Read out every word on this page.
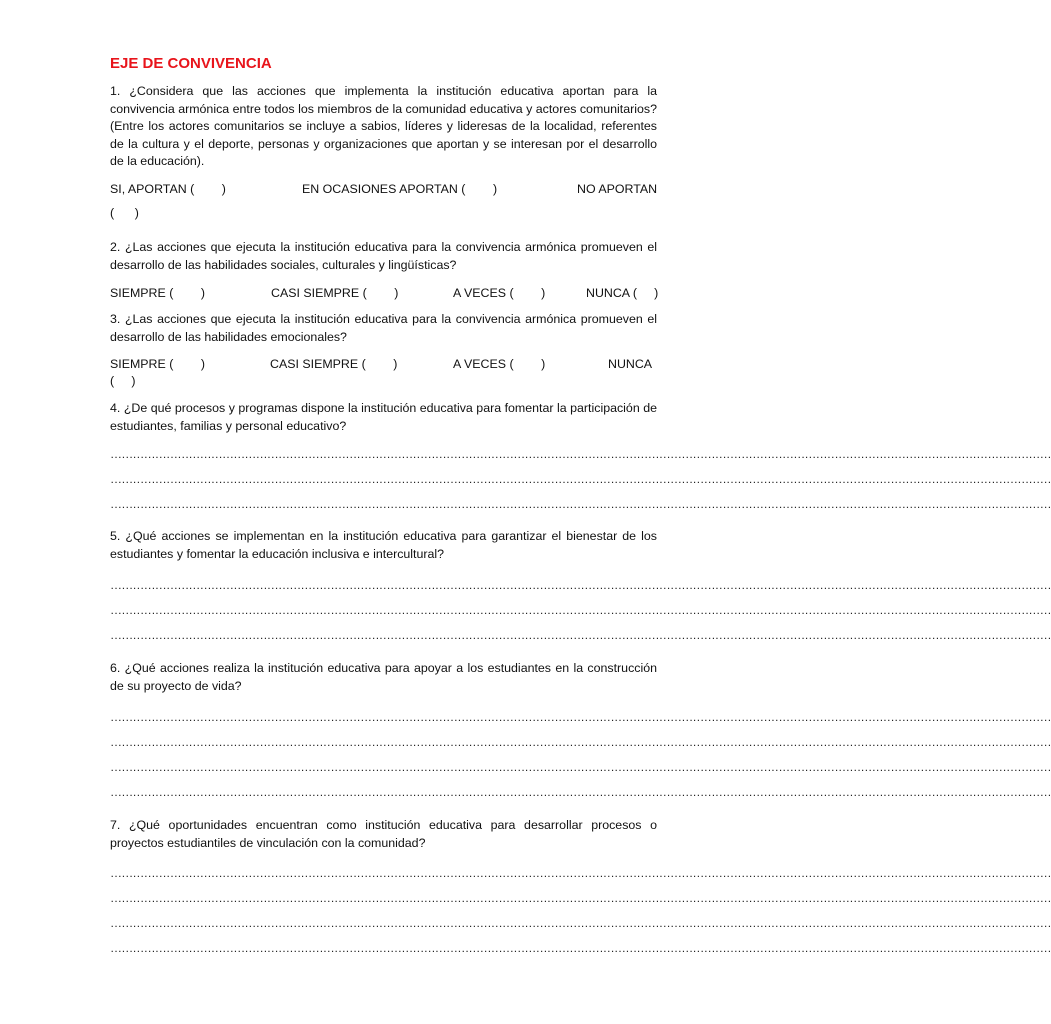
EJE DE CONVIVENCIA
1. ¿Considera que las acciones que implementa la institución educativa aportan para la convivencia armónica entre todos los miembros de la comunidad educativa y actores comunitarios? (Entre los actores comunitarios se incluye a sabios, líderes y lideresas de la localidad, referentes de la cultura y el deporte, personas y organizaciones que aportan y se interesan por el desarrollo de la educación).
SI, APORTAN (        )	EN OCASIONES APORTAN (        )	NO APORTAN
(      )
2. ¿Las acciones que ejecuta la institución educativa para la convivencia armónica promueven el desarrollo de las habilidades sociales, culturales y lingüísticas?
SIEMPRE (        )	CASI SIEMPRE (        )	A VECES (        )	NUNCA (     )
3. ¿Las acciones que ejecuta la institución educativa para la convivencia armónica promueven el desarrollo de las habilidades emocionales?
SIEMPRE (        )	CASI SIEMPRE (        )	A VECES (        )	NUNCA
(     )
4. ¿De qué procesos y programas dispone la institución educativa para fomentar la participación de estudiantes, familias y personal educativo?
………………………………………………………………………………………………………………………………………………………………………………………………………………………………
………………………………………………………………………………………………………………………………………………………………………………………………………………………………
………………………………………………………………………………………………………………………………………………………………………………………………………………………………
5. ¿Qué acciones se implementan en la institución educativa para garantizar el bienestar de los estudiantes y fomentar la educación inclusiva e intercultural?
………………………………………………………………………………………………………………………………………………………………………………………………………………………………
………………………………………………………………………………………………………………………………………………………………………………………………………………………………
………………………………………………………………………………………………………………………………………………………………………………………………………………………………
6. ¿Qué acciones realiza la institución educativa para apoyar a los estudiantes en la construcción de su proyecto de vida?
………………………………………………………………………………………………………………………………………………………………………………………………………………………………
………………………………………………………………………………………………………………………………………………………………………………………………………………………………
………………………………………………………………………………………………………………………………………………………………………………………………………………………………
………………………………………………………………………………………………………………………………………………………………………………………………………………………………
7. ¿Qué oportunidades encuentran como institución educativa para desarrollar procesos o proyectos estudiantiles de vinculación con la comunidad?
………………………………………………………………………………………………………………………………………………………………………………………………………………………………
………………………………………………………………………………………………………………………………………………………………………………………………………………………………
………………………………………………………………………………………………………………………………………………………………………………………………………………………………
………………………………………………………………………………………………………………………………………………………………………………………………………………………………
